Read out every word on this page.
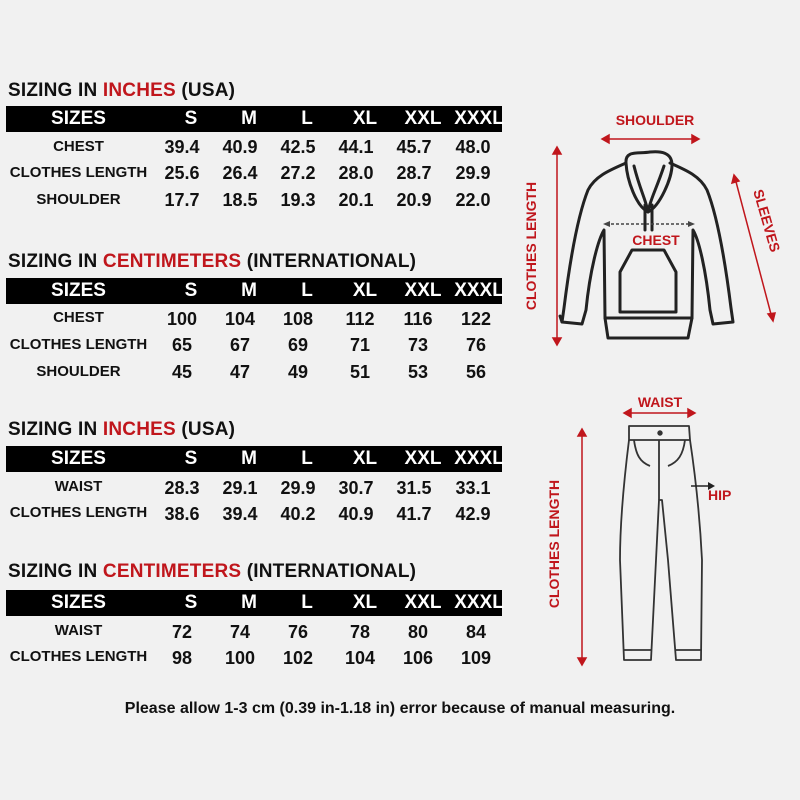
SIZING IN INCHES (USA)
SIZES	S	M	L	XL	XXL XXXL
CHEST	39.4	40.9	42.5	44.1	45.7	48.0
CLOTHES LENGTH 25.6	26.4	27.2	28.0	28.7	29.9
SHOULDER	17.7	18.5	19.3	20.1	20.9	22.0
SIZING IN CENTIMETERS (INTERNATIONAL)
SIZES	S	M	L	XL	XXL XXXL
CHEST	100	104	108	112	116	122
CLOTHES LENGTH	65	67	69	71	73	76
SHOULDER	45	47	49	51	53	56
SIZING IN INCHES (USA)
SIZES	S	M	L	XL	XXL XXXL
WAIST	28.3	29.1	29.9	30.7	31.5	33.1
CLOTHES LENGTH 38.6	39.4	40.2	40.9	41.7	42.9
SIZING IN CENTIMETERS (INTERNATIONAL)
SIZES	S	M	L	XL	XXL XXXL
WAIST	72	74	76	78	80	84
CLOTHES LENGTH	98	100	102	104	106	109
SHOULDER
CHEST
CLOTHES LENGTH	SLEEVES
WAIST
HIP
CLOTHES LENGTH
Please allow 1-3 cm (0.39 in-1.18 in) error because of manual measuring.
